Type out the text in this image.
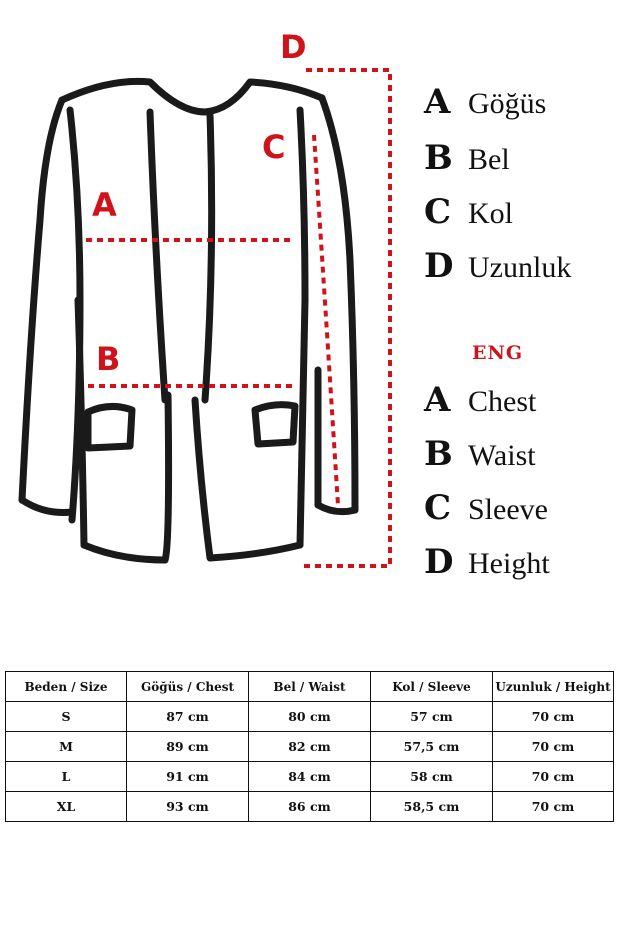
A
B
C
D
A Göğüs
B Bel
C Kol
D Uzunluk
ENG
A Chest
B Waist
C Sleeve
D Height
Beden / Size	Göğüs / Chest	Bel / Waist	Kol / Sleeve	Uzunluk / Height
S	87 cm	80 cm	57 cm	70 cm
M	89 cm	82 cm	57,5 cm	70 cm
L	91 cm	84 cm	58 cm	70 cm
XL	93 cm	86 cm	58,5 cm	70 cm
